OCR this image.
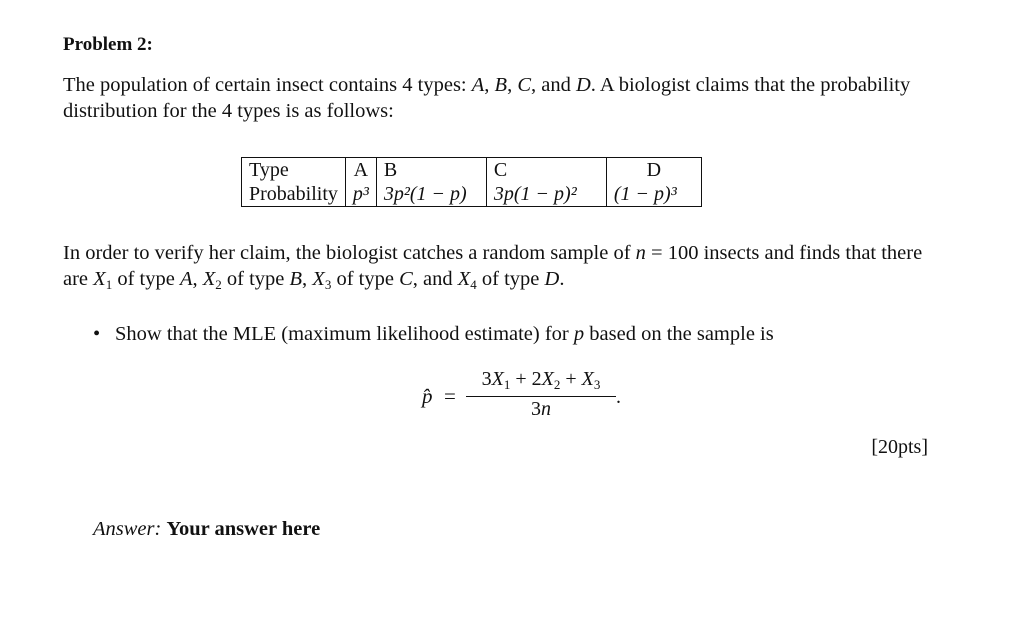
Problem 2:
The population of certain insect contains 4 types: A, B, C, and D. A biologist claims that the probability distribution for the 4 types is as follows:
Type	A	B	C	D
Probability	p³	3p²(1 − p)	3p(1 − p)²	(1 − p)³
In order to verify her claim, the biologist catches a random sample of n = 100 insects and finds that there are $X_1$ of type A, $X_2$ of type B, $X_3$ of type C, and $X_4$ of type D.
• Show that the MLE (maximum likelihood estimate) for p based on the sample is
p̂ =
$3X_1 + 2X_2 + X_3$
3n
.
[20pts]
Answer: Your answer here
